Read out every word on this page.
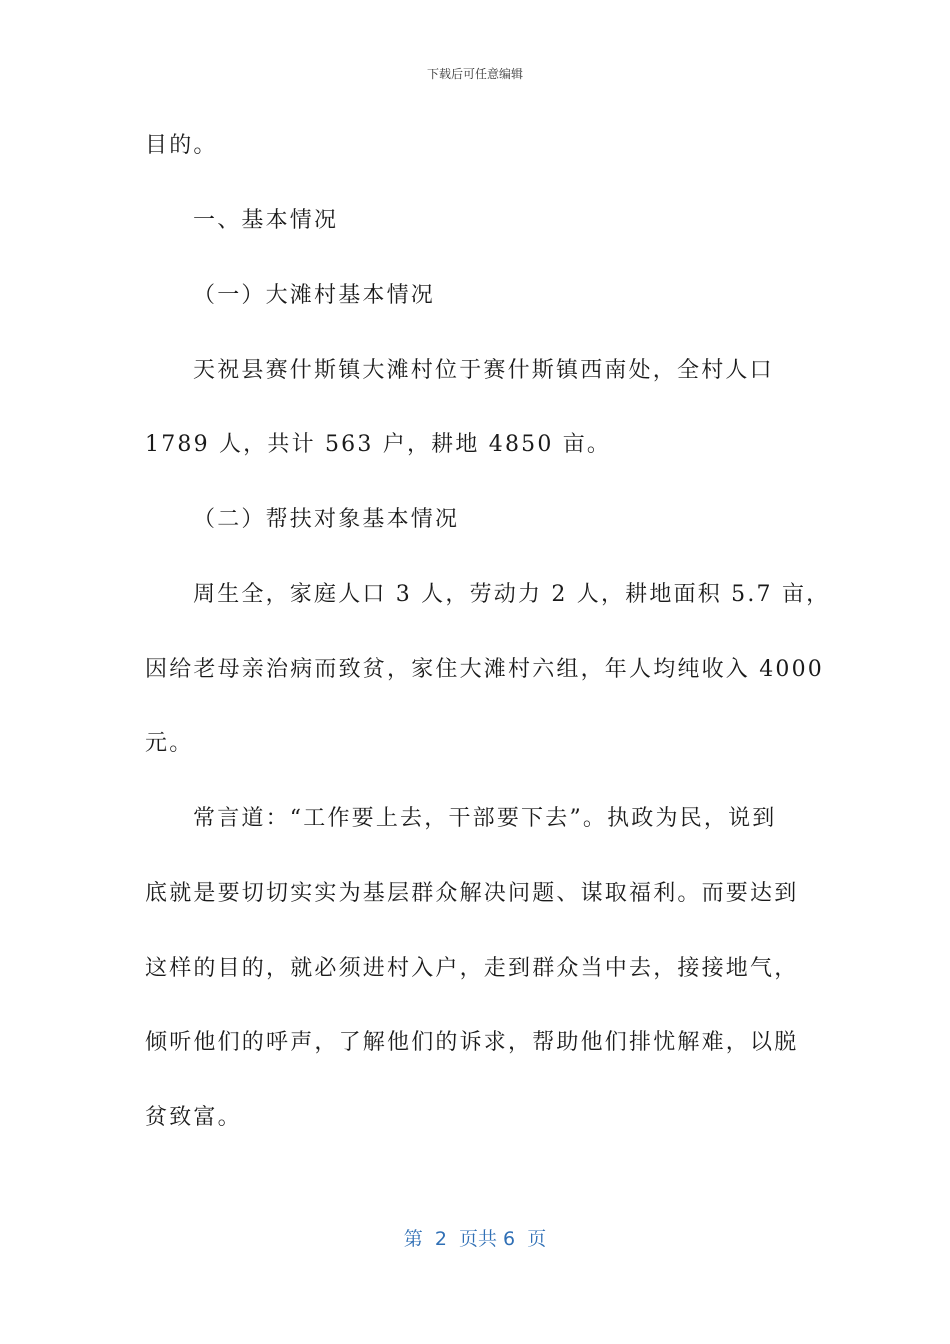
下载后可任意编辑
目的。
一、基本情况
（一）大滩村基本情况
天祝县赛什斯镇大滩村位于赛什斯镇西南处，全村人口
1789 人，共计 563 户，耕地 4850 亩。
（二）帮扶对象基本情况
周生全，家庭人口 3 人，劳动力 2 人，耕地面积 5.7 亩，
因给老母亲治病而致贫，家住大滩村六组，年人均纯收入 4000
元。
常言道：“工作要上去，干部要下去”。执政为民，说到
底就是要切切实实为基层群众解决问题、谋取福利。而要达到
这样的目的，就必须进村入户，走到群众当中去，接接地气，
倾听他们的呼声，了解他们的诉求，帮助他们排忧解难，以脱
贫致富。
第  2  页共 6  页
